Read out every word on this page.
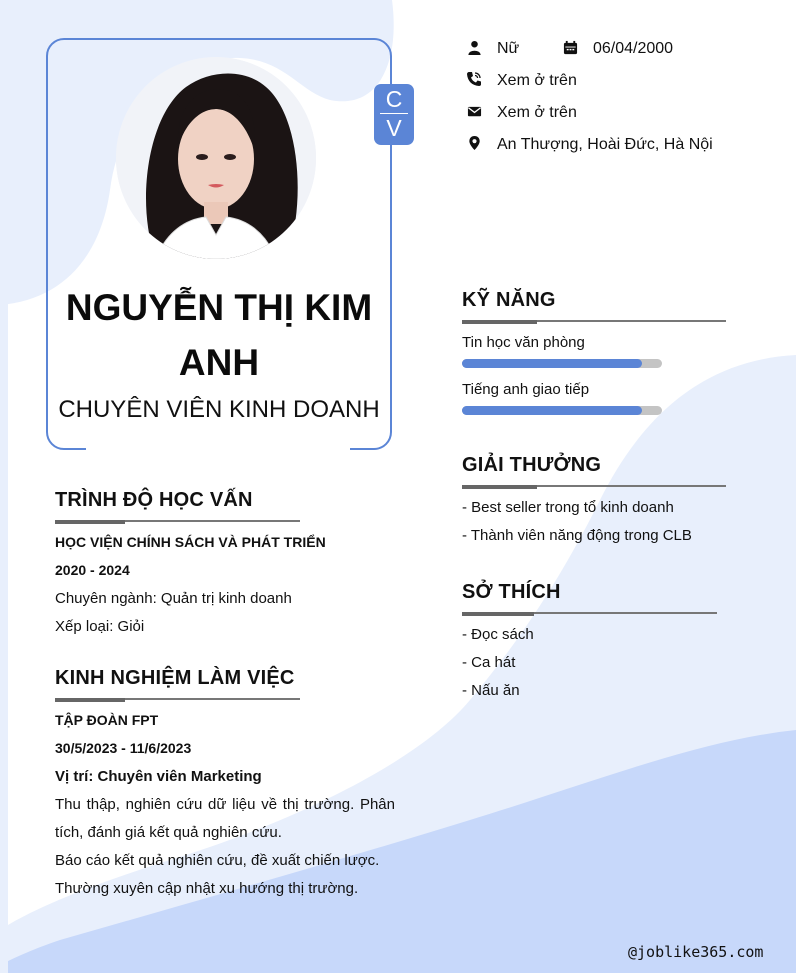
C
V
NGUYỄN THỊ KIM ANH
CHUYÊN VIÊN KINH DOANH
Nữ	06/04/2000
Xem ở trên
Xem ở trên
An Thượng, Hoài Đức, Hà Nội
TRÌNH ĐỘ HỌC VẤN
HỌC VIỆN CHÍNH SÁCH VÀ PHÁT TRIỂN
2020 - 2024
Chuyên ngành: Quản trị kinh doanh
Xếp loại: Giỏi
KINH NGHIỆM LÀM VIỆC
TẬP ĐOÀN FPT
30/5/2023 - 11/6/2023
Vị trí: Chuyên viên Marketing
Thu thập, nghiên cứu dữ liệu về thị trường. Phân tích, đánh giá kết quả nghiên cứu.
Báo cáo kết quả nghiên cứu, đề xuất chiến lược.
Thường xuyên cập nhật xu hướng thị trường.
KỸ NĂNG
Tin học văn phòng
Tiếng anh giao tiếp
GIẢI THƯỞNG
- Best seller trong tổ kinh doanh
- Thành viên năng động trong CLB
SỞ THÍCH
- Đọc sách
- Ca hát
- Nấu ăn
@joblike365.com
